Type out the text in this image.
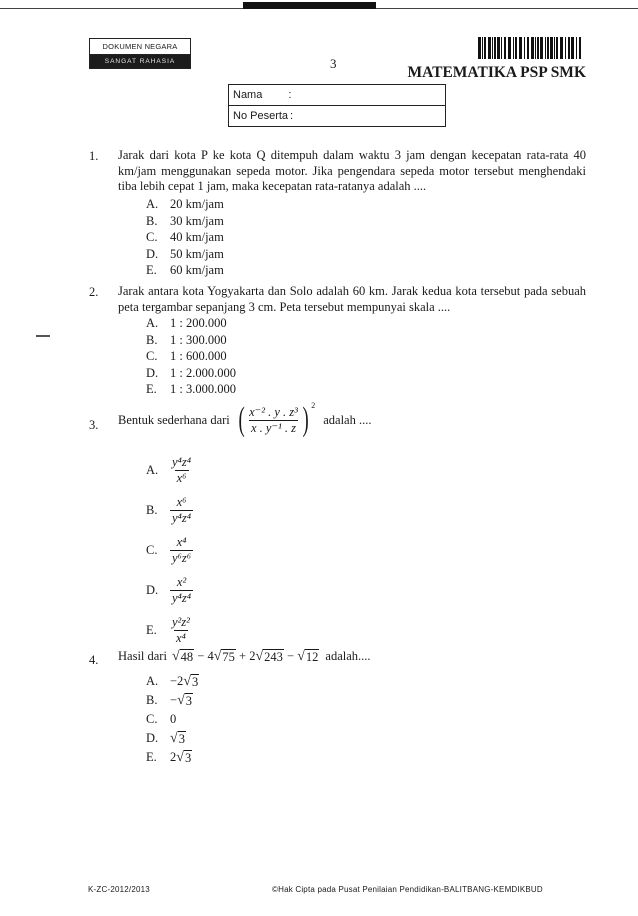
DOKUMEN NEGARA
SANGAT RAHASIA	3
MATEMATIKA PSP SMK
Nama :
No Peserta :
1. Jarak dari kota P ke kota Q ditempuh dalam waktu 3 jam dengan kecepatan rata-rata 40 km/jam menggunakan sepeda motor. Jika pengendara sepeda motor tersebut menghendaki tiba lebih cepat 1 jam, maka kecepatan rata-ratanya adalah ....
A. 20 km/jam
B. 30 km/jam
C. 40 km/jam
D. 50 km/jam
E. 60 km/jam
2. Jarak antara kota Yogyakarta dan Solo adalah 60 km. Jarak kedua kota tersebut pada sebuah peta tergambar sepanjang 3 cm. Peta tersebut mempunyai skala ....
A. 1 : 200.000
B. 1 : 300.000
C. 1 : 600.000
D. 1 : 2.000.000
E. 1 : 3.000.000
3. Bentuk sederhana dari ( $\frac{\text{x⁻² . y . z³}}{\text{x . y⁻¹ . z}}$ ) 2
adalah ....
A. $\frac{\text{y⁴z⁴}}{\text{x⁶}}$
B.	$\frac{\text{x⁶}}{\text{y⁴z⁴}}$
C.	$\frac{\text{x⁴}}{\text{y⁶z⁶}}$
D. $\frac{\text{x²}}{\text{y⁴z⁴}}$
E.	$\frac{\text{y²z²}}{\text{x⁴}}$
4. Hasil dari √ 48 − 4 √ 75 + 2 √ 243 − √ 12 adalah....
A. −2 √ 3
B.	− √ 3
C.	0
D. √ 3
E.	2 √ 3
K-ZC-2012/2013	©Hak Cipta pada Pusat Penilaian Pendidikan-BALITBANG-KEMDIKBUD
